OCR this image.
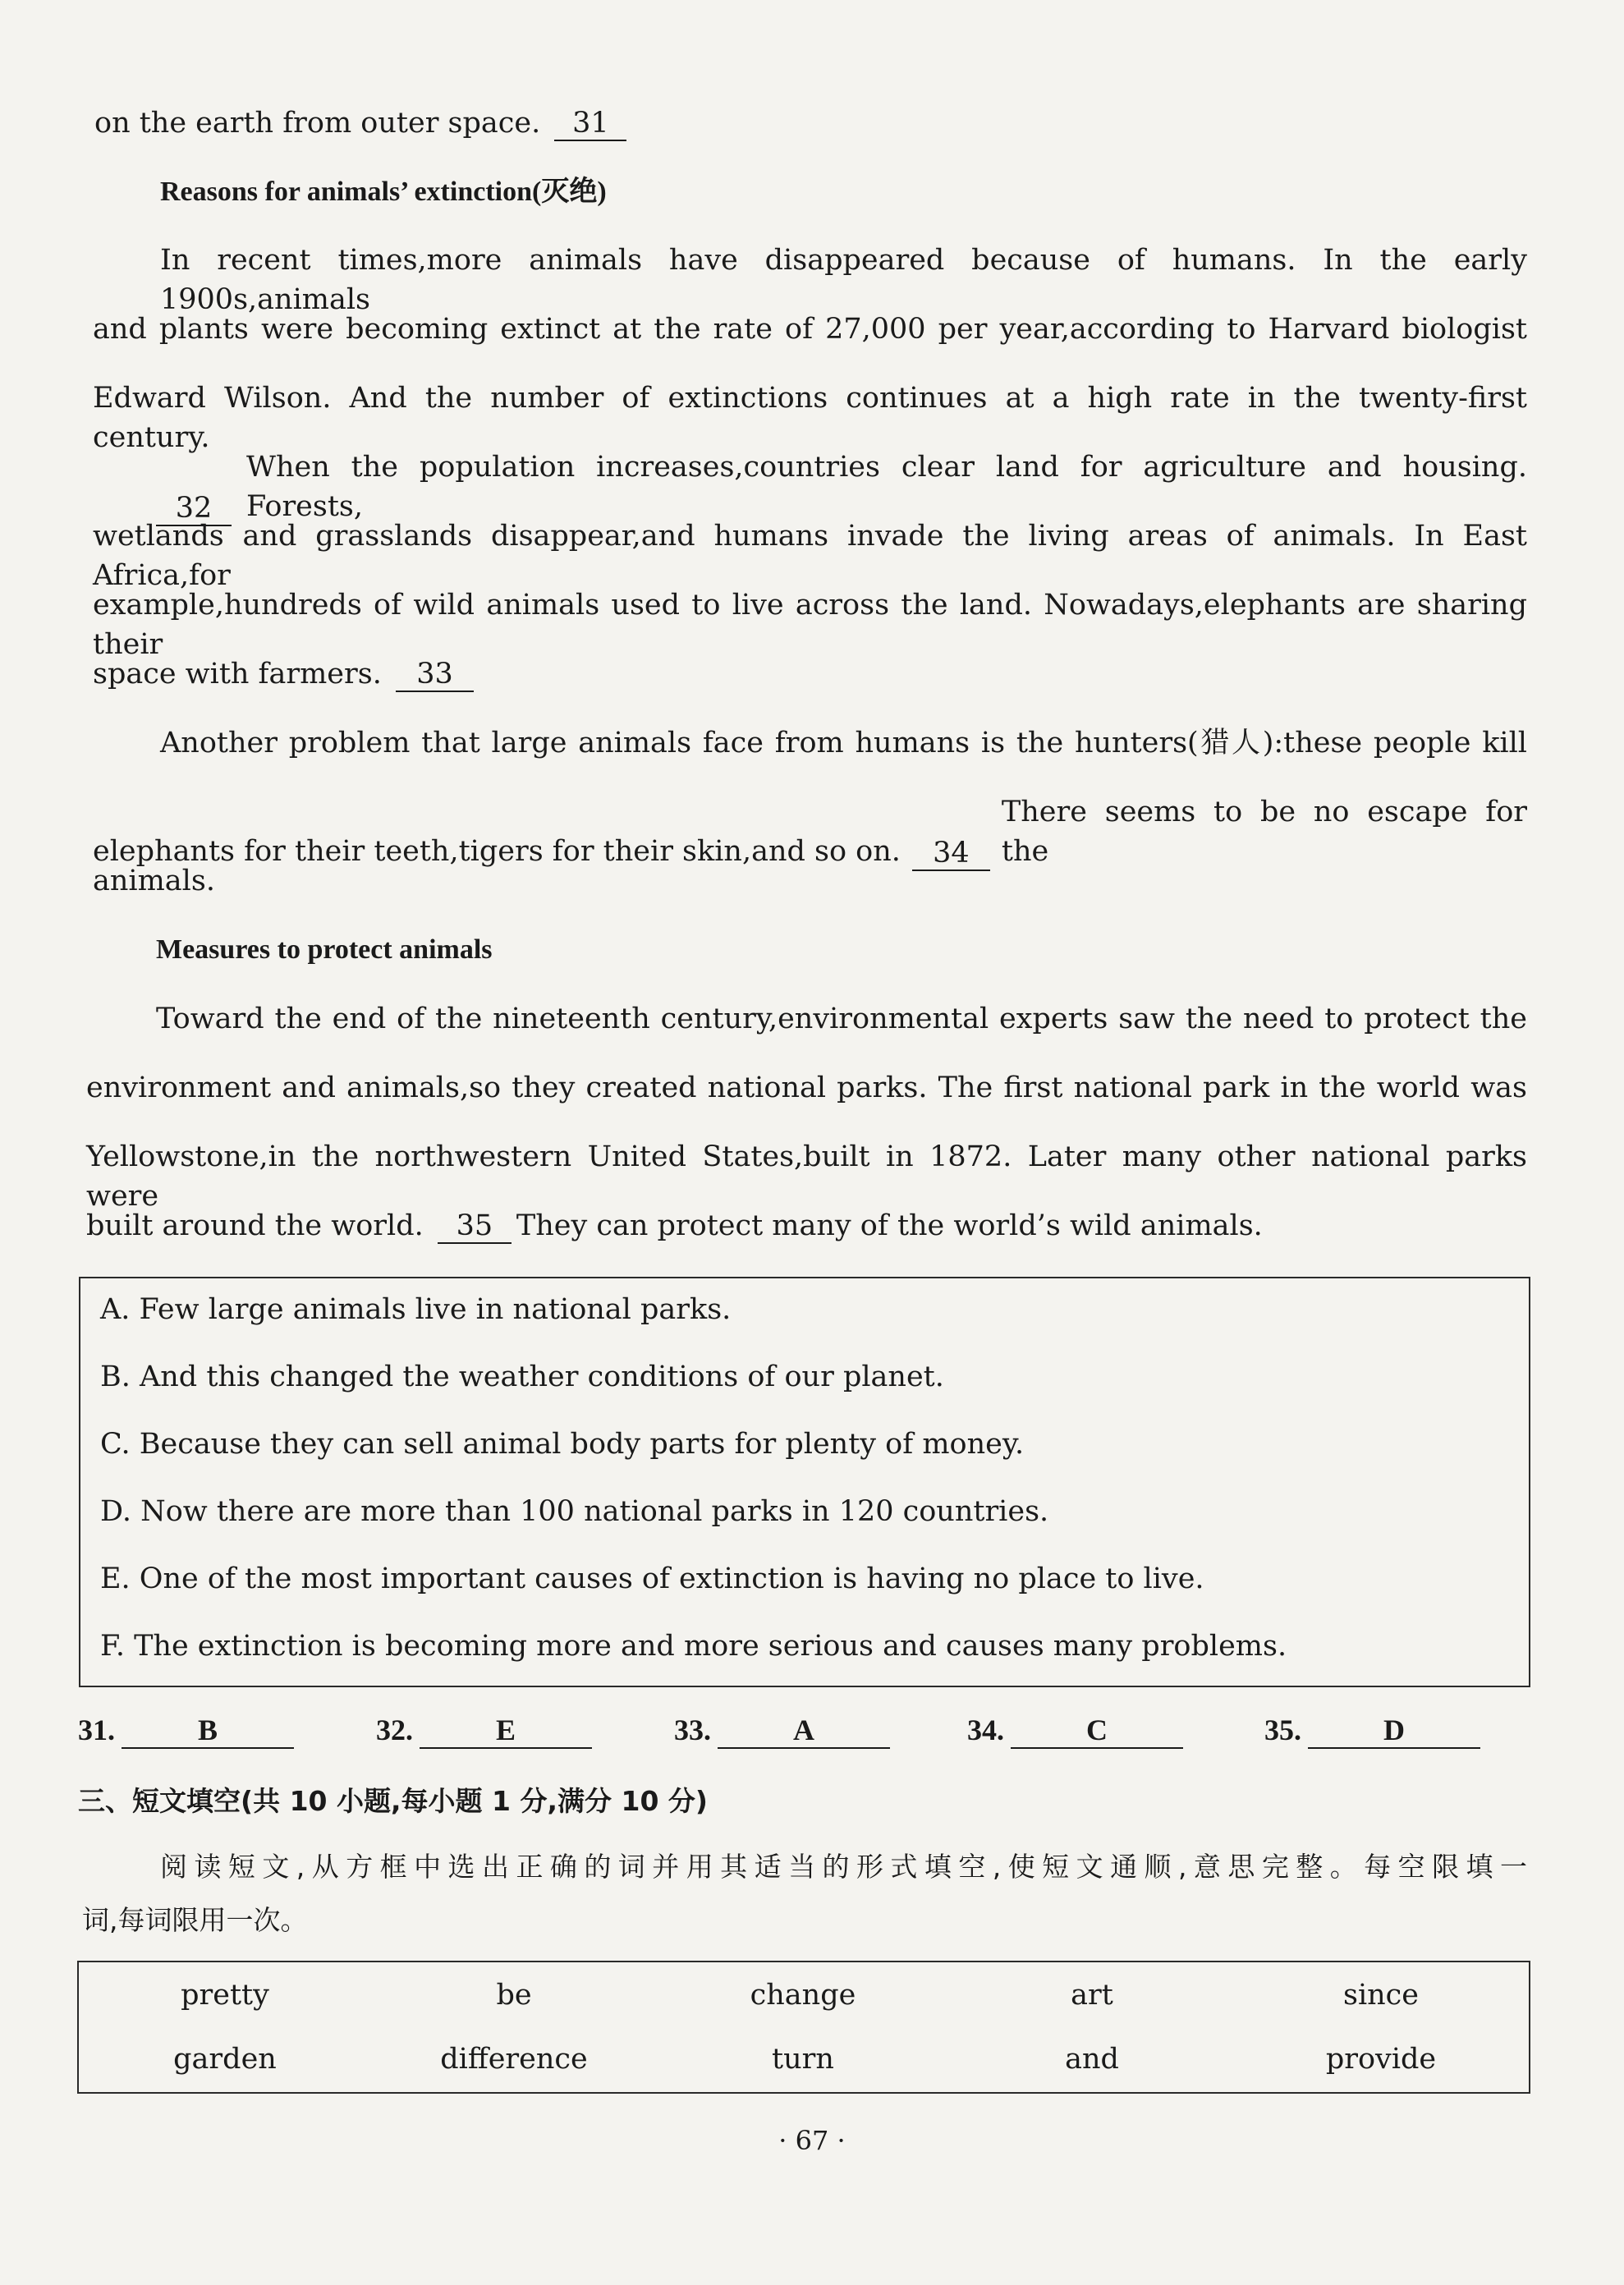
on the earth from outer space. 31

Reasons for animals’ extinction(灭绝)

In recent times,more animals have disappeared because of humans. In the early 1900s,animals

and plants were becoming extinct at the rate of 27,000 per year,according to Harvard biologist

Edward Wilson. And the number of extinctions continues at a high rate in the twenty-first century.

32
When the population increases,countries clear land for agriculture and housing. Forests,

wetlands and grasslands disappear,and humans invade the living areas of animals. In East Africa,for

example,hundreds of wild animals used to live across the land. Nowadays,elephants are sharing their

space with farmers. 33

Another problem that large animals face from humans is the hunters(猎人):these people kill

elephants for their teeth,tigers for their skin,and so on.	34
There seems to be no escape for the

animals.

Measures to protect animals

Toward the end of the nineteenth century,environmental experts saw the need to protect the

environment and animals,so they created national parks. The first national park in the world was

Yellowstone,in the northwestern United States,built in 1872. Later many other national parks were

built around the world. 35 They can protect many of the world’s wild animals.

A. Few large animals live in national parks.

B. And this changed the weather conditions of our planet.

C. Because they can sell animal body parts for plenty of money.

D. Now there are more than 100 national parks in 120 countries.

E. One of the most important causes of extinction is having no place to live.

F. The extinction is becoming more and more serious and causes many problems.

31.	B	32.	E	33.	A	34.	C	35.	D

三、短文填空(共 10 小题,每小题 1 分,满分 10 分)

阅读短文,从方框中选出正确的词并用其适当的形式填空,使短文通顺,意思完整。每空限填一

词,每词限用一次。

pretty	be	change	art	since
garden	difference	turn	and	provide
· 67 ·
